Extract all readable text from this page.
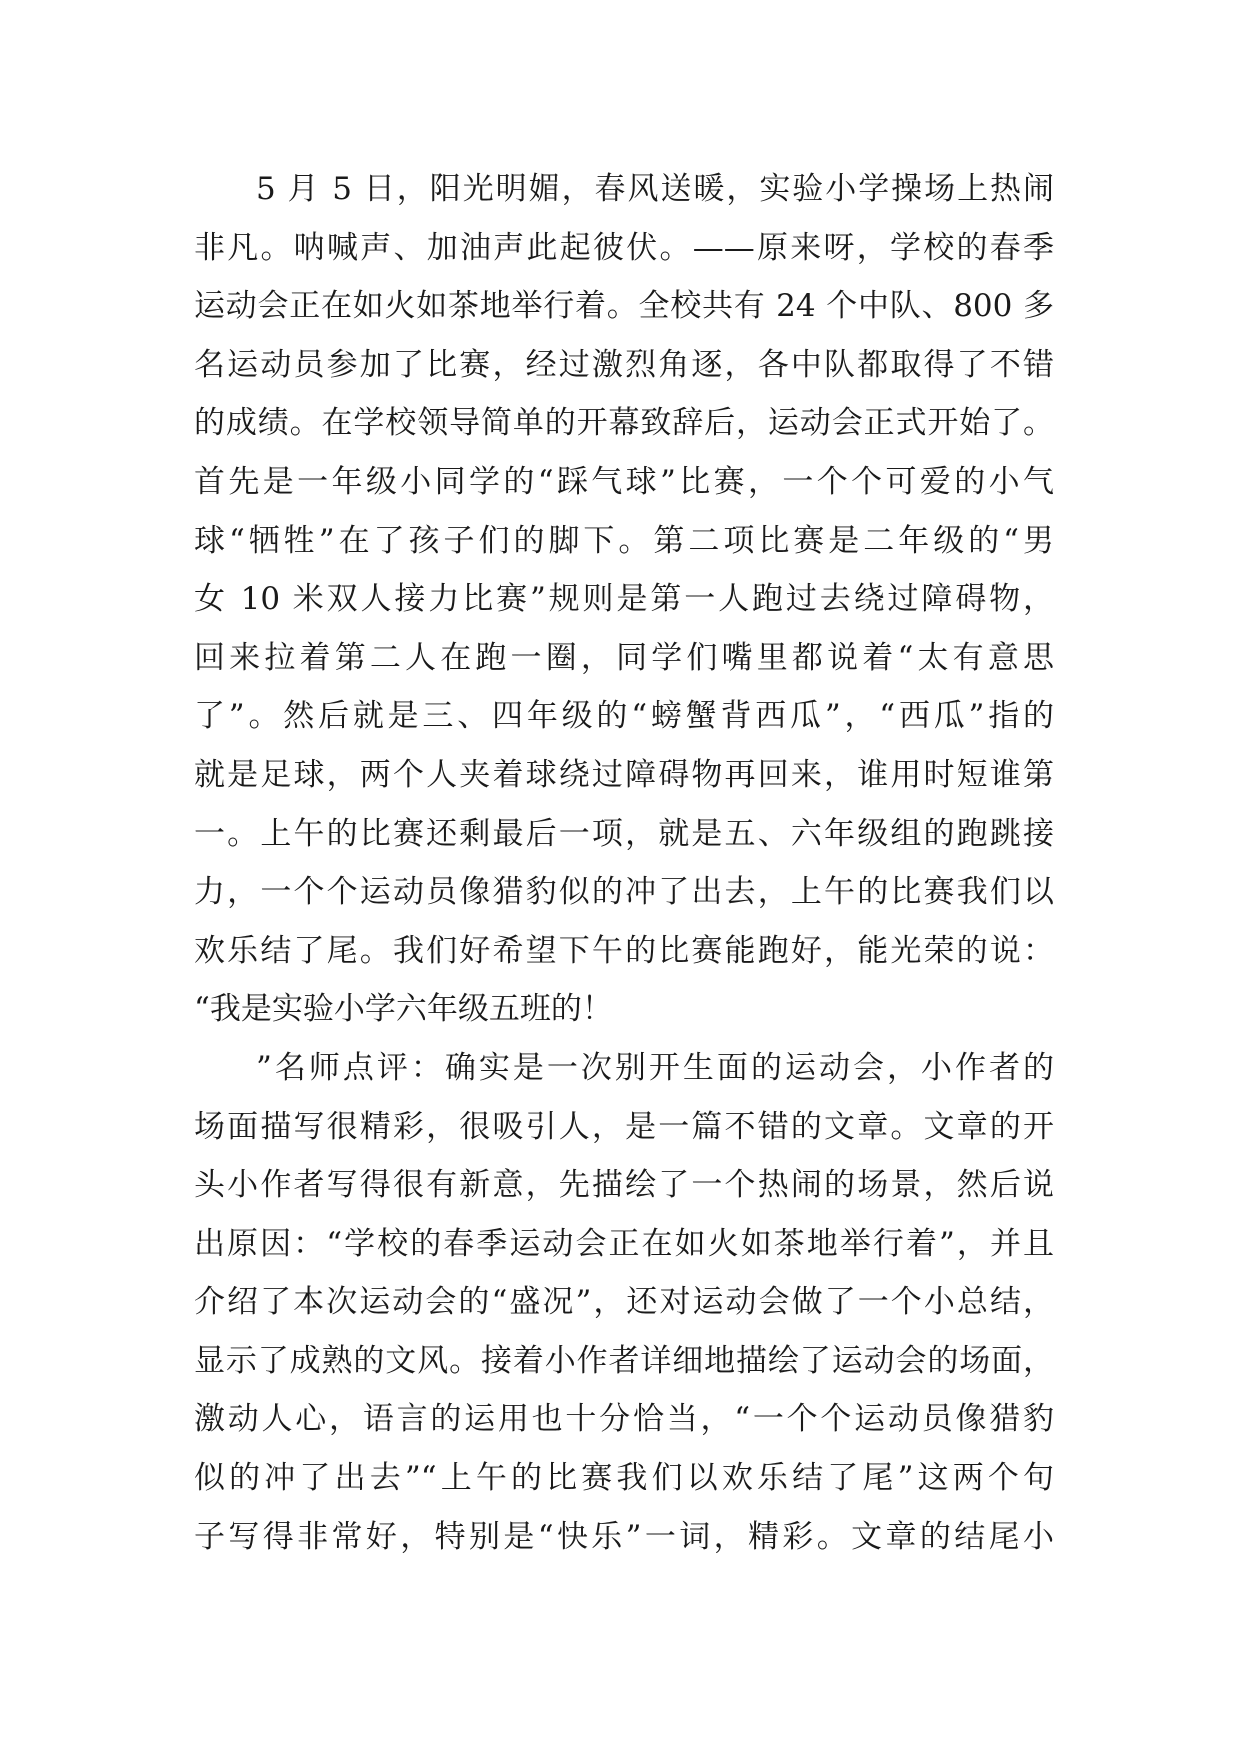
5 月 5 日，阳光明媚，春风送暖，实验小学操场上热闹
非凡。呐喊声、加油声此起彼伏。——原来呀，学校的春季
运动会正在如火如茶地举行着。全校共有 24 个中队、800 多
名运动员参加了比赛，经过激烈角逐，各中队都取得了不错
的成绩。在学校领导简单的开幕致辞后，运动会正式开始了。
首先是一年级小同学的“踩气球”比赛，一个个可爱的小气
球“牺牲”在了孩子们的脚下。第二项比赛是二年级的“男
女 10 米双人接力比赛”规则是第一人跑过去绕过障碍物，
回来拉着第二人在跑一圈，同学们嘴里都说着“太有意思
了”。然后就是三、四年级的“螃蟹背西瓜”，“西瓜”指的
就是足球，两个人夹着球绕过障碍物再回来，谁用时短谁第
一。上午的比赛还剩最后一项，就是五、六年级组的跑跳接
力，一个个运动员像猎豹似的冲了出去，上午的比赛我们以
欢乐结了尾。我们好希望下午的比赛能跑好，能光荣的说：
“我是实验小学六年级五班的！
”名师点评：确实是一次别开生面的运动会，小作者的
场面描写很精彩，很吸引人，是一篇不错的文章。文章的开
头小作者写得很有新意，先描绘了一个热闹的场景，然后说
出原因：“学校的春季运动会正在如火如茶地举行着”，并且
介绍了本次运动会的“盛况”，还对运动会做了一个小总结，
显示了成熟的文风。接着小作者详细地描绘了运动会的场面，
激动人心，语言的运用也十分恰当，“一个个运动员像猎豹
似的冲了出去”“上午的比赛我们以欢乐结了尾”这两个句
子写得非常好，特别是“快乐”一词，精彩。文章的结尾小
